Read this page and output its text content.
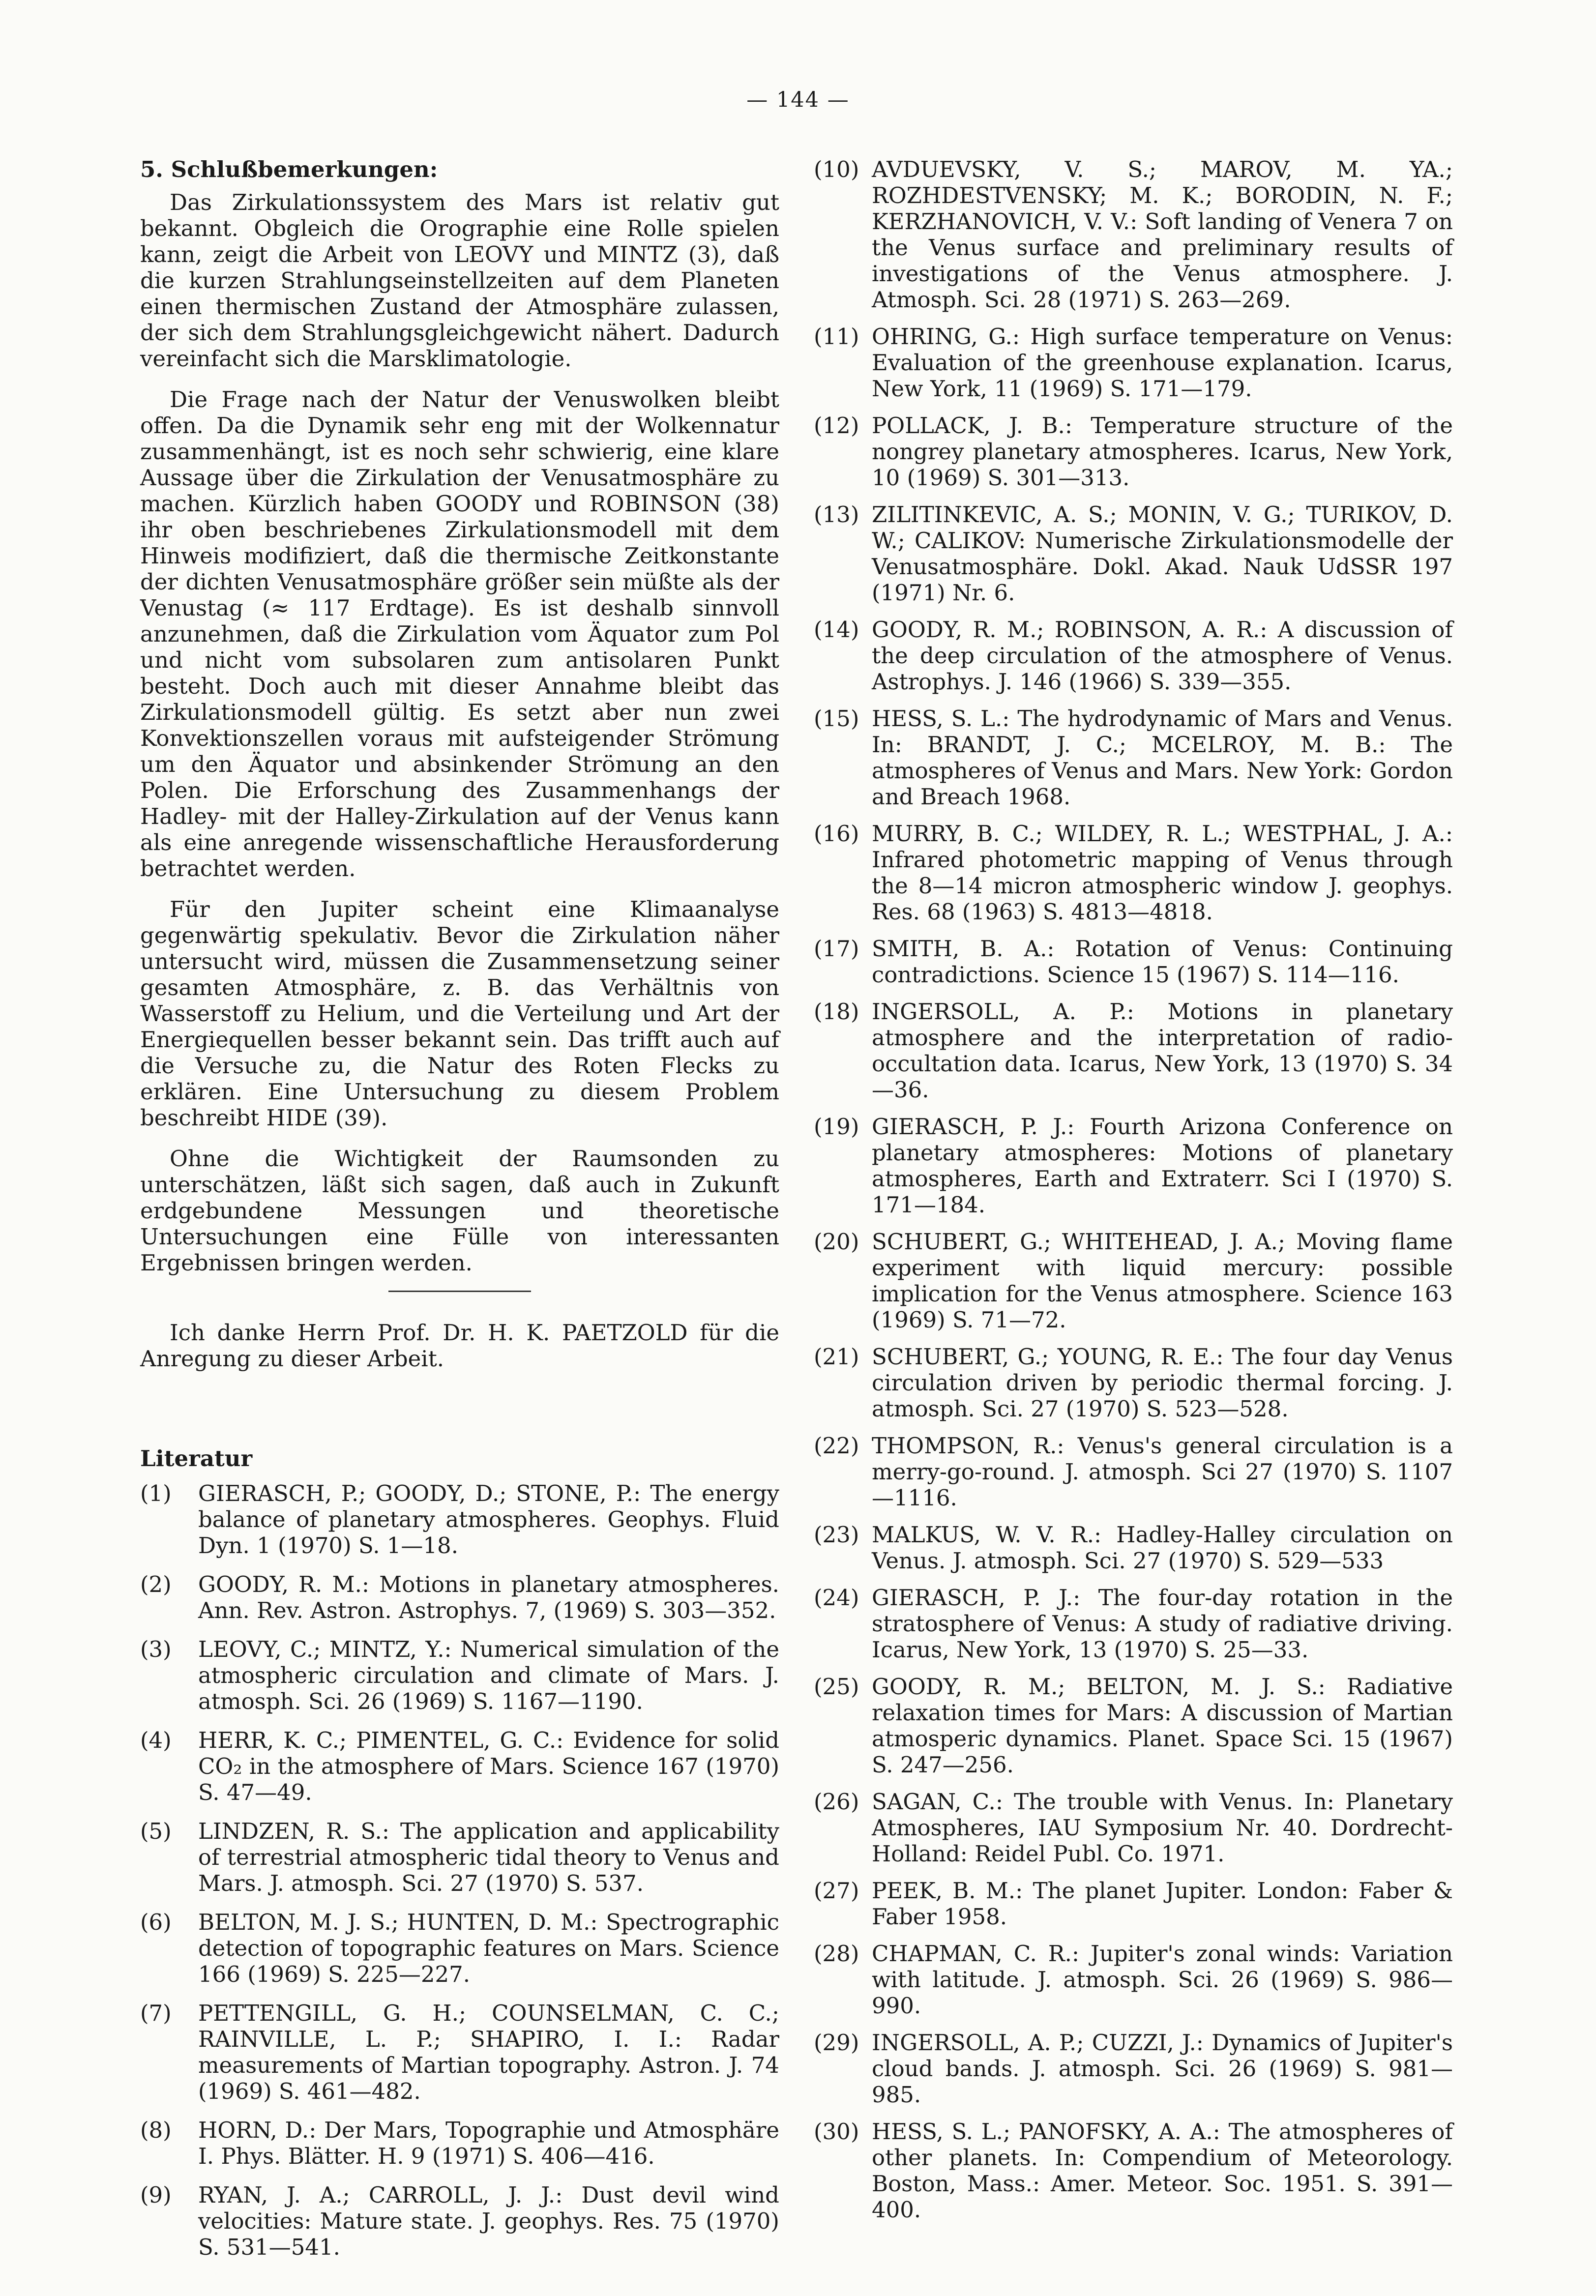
— 144 —
5. Schlußbemerkungen:

Das Zirkulationssystem des Mars ist relativ gut bekannt. Obgleich die Orographie eine Rolle spielen kann, zeigt die Arbeit von LEOVY und MINTZ (3), daß die kurzen Strahlungseinstellzeiten auf dem Planeten einen thermischen Zustand der Atmosphäre zulassen, der sich dem Strahlungsgleichgewicht nähert. Dadurch vereinfacht sich die Marsklimatologie.

Die Frage nach der Natur der Venuswolken bleibt offen. Da die Dynamik sehr eng mit der Wolkennatur zusammenhängt, ist es noch sehr schwierig, eine klare Aussage über die Zirkulation der Venusatmosphäre zu machen. Kürzlich haben GOODY und ROBINSON (38) ihr oben beschriebenes Zirkulationsmodell mit dem Hinweis modifiziert, daß die thermische Zeitkonstante der dichten Venusatmosphäre größer sein müßte als der Venustag (≈ 117 Erdtage). Es ist deshalb sinnvoll anzunehmen, daß die Zirkulation vom Äquator zum Pol und nicht vom subsolaren zum antisolaren Punkt besteht. Doch auch mit dieser Annahme bleibt das Zirkulationsmodell gültig. Es setzt aber nun zwei Konvektionszellen voraus mit aufsteigender Strömung um den Äquator und absinkender Strömung an den Polen. Die Erforschung des Zusammenhangs der Hadley- mit der Halley-Zirkulation auf der Venus kann als eine anregende wissenschaftliche Herausforderung betrachtet werden.

Für den Jupiter scheint eine Klimaanalyse gegenwärtig spekulativ. Bevor die Zirkulation näher untersucht wird, müssen die Zusammensetzung seiner gesamten Atmosphäre, z. B. das Verhältnis von Wasserstoff zu Helium, und die Verteilung und Art der Energiequellen besser bekannt sein. Das trifft auch auf die Versuche zu, die Natur des Roten Flecks zu erklären. Eine Untersuchung zu diesem Problem beschreibt HIDE (39).

Ohne die Wichtigkeit der Raumsonden zu unterschätzen, läßt sich sagen, daß auch in Zukunft erdgebundene Messungen und theoretische Untersuchungen eine Fülle von interessanten Ergebnissen bringen werden.

Ich danke Herrn Prof. Dr. H. K. PAETZOLD für die Anregung zu dieser Arbeit.

Literatur
(1)	GIERASCH, P.; GOODY, D.; STONE, P.: The energy balance of planetary atmospheres. Geophys. Fluid Dyn. 1 (1970) S. 1—18.
(2)	GOODY, R. M.: Motions in planetary atmospheres. Ann. Rev. Astron. Astrophys. 7, (1969) S. 303—352.
(3)	LEOVY, C.; MINTZ, Y.: Numerical simulation of the atmospheric circulation and climate of Mars. J. atmosph. Sci. 26 (1969) S. 1167—1190.
(4)	HERR, K. C.; PIMENTEL, G. C.: Evidence for solid CO₂ in the atmosphere of Mars. Science 167 (1970) S. 47—49.
(5)	LINDZEN, R. S.: The application and applicability of terrestrial atmospheric tidal theory to Venus and Mars. J. atmosph. Sci. 27 (1970) S. 537.
(6)	BELTON, M. J. S.; HUNTEN, D. M.: Spectrographic detection of topographic features on Mars. Science 166 (1969) S. 225—227.
(7)	PETTENGILL, G. H.; COUNSELMAN, C. C.; RAINVILLE, L. P.; SHAPIRO, I. I.: Radar measurements of Martian topography. Astron. J. 74 (1969) S. 461—482.
(8)	HORN, D.: Der Mars, Topographie und Atmosphäre I. Phys. Blätter. H. 9 (1971) S. 406—416.
(9)	RYAN, J. A.; CARROLL, J. J.: Dust devil wind velocities: Mature state. J. geophys. Res. 75 (1970) S. 531—541.
(10) AVDUEVSKY, V. S.; MAROV, M. YA.; ROZHDESTVENSKY; M. K.; BORODIN, N. F.; KERZHANOVICH, V. V.: Soft landing of Venera 7 on the Venus surface and preliminary results of investigations of the Venus atmosphere. J. Atmosph. Sci. 28 (1971) S. 263—269.
(11) OHRING, G.: High surface temperature on Venus: Evaluation of the greenhouse explanation. Icarus, New York, 11 (1969) S. 171—179.
(12) POLLACK, J. B.: Temperature structure of the nongrey planetary atmospheres. Icarus, New York, 10 (1969) S. 301—313.
(13) ZILITINKEVIC, A. S.; MONIN, V. G.; TURIKOV, D. W.; CALIKOV: Numerische Zirkulationsmodelle der Venusatmosphäre. Dokl. Akad. Nauk UdSSR 197 (1971) Nr. 6.
(14) GOODY, R. M.; ROBINSON, A. R.: A discussion of the deep circulation of the atmosphere of Venus. Astrophys. J. 146 (1966) S. 339—355.
(15) HESS, S. L.: The hydrodynamic of Mars and Venus. In: BRANDT, J. C.; MCELROY, M. B.: The atmospheres of Venus and Mars. New York: Gordon and Breach 1968.
(16) MURRY, B. C.; WILDEY, R. L.; WESTPHAL, J. A.: Infrared photometric mapping of Venus through the 8—14 micron atmospheric window J. geophys. Res. 68 (1963) S. 4813—4818.
(17) SMITH, B. A.: Rotation of Venus: Continuing contradictions. Science 15 (1967) S. 114—116.
(18) INGERSOLL, A. P.: Motions in planetary atmosphere and the interpretation of radio-occultation data. Icarus, New York, 13 (1970) S. 34—36.
(19) GIERASCH, P. J.: Fourth Arizona Conference on planetary atmospheres: Motions of planetary atmospheres, Earth and Extraterr. Sci I (1970) S. 171—184.
(20) SCHUBERT, G.; WHITEHEAD, J. A.; Moving flame experiment with liquid mercury: possible implication for the Venus atmosphere. Science 163 (1969) S. 71—72.
(21) SCHUBERT, G.; YOUNG, R. E.: The four day Venus circulation driven by periodic thermal forcing. J. atmosph. Sci. 27 (1970) S. 523—528.
(22) THOMPSON, R.: Venus's general circulation is a merry-go-round. J. atmosph. Sci 27 (1970) S. 1107—1116.
(23) MALKUS, W. V. R.: Hadley-Halley circulation on Venus. J. atmosph. Sci. 27 (1970) S. 529—533
(24) GIERASCH, P. J.: The four-day rotation in the stratosphere of Venus: A study of radiative driving. Icarus, New York, 13 (1970) S. 25—33.
(25) GOODY, R. M.; BELTON, M. J. S.: Radiative relaxation times for Mars: A discussion of Martian atmosperic dynamics. Planet. Space Sci. 15 (1967) S. 247—256.
(26) SAGAN, C.: The trouble with Venus. In: Planetary Atmospheres, IAU Symposium Nr. 40. Dordrecht-Holland: Reidel Publ. Co. 1971.
(27) PEEK, B. M.: The planet Jupiter. London: Faber & Faber 1958.
(28) CHAPMAN, C. R.: Jupiter's zonal winds: Variation with latitude. J. atmosph. Sci. 26 (1969) S. 986—990.
(29) INGERSOLL, A. P.; CUZZI, J.: Dynamics of Jupiter's cloud bands. J. atmosph. Sci. 26 (1969) S. 981—985.
(30) HESS, S. L.; PANOFSKY, A. A.: The atmospheres of other planets. In: Compendium of Meteorology. Boston, Mass.: Amer. Meteor. Soc. 1951. S. 391—400.
